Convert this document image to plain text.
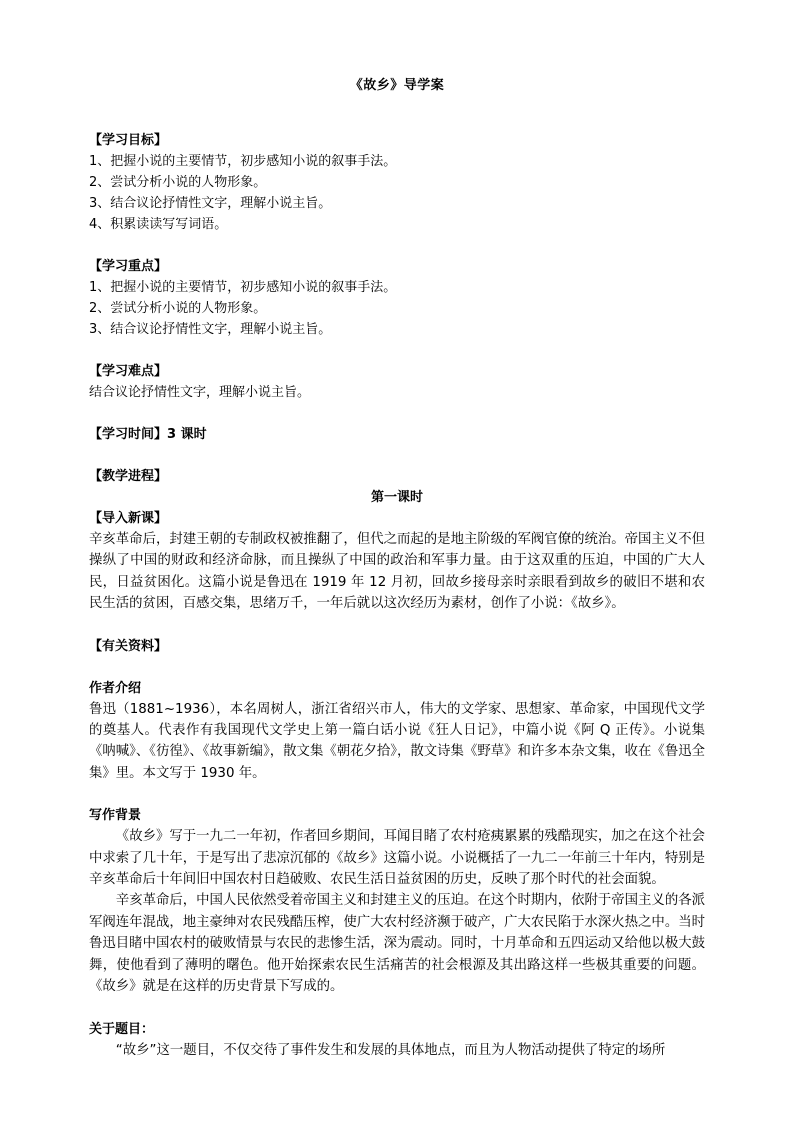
《故乡》导学案
【学习目标】
1、把握小说的主要情节，初步感知小说的叙事手法。
2、尝试分析小说的人物形象。
3、结合议论抒情性文字，理解小说主旨。
4、积累读读写写词语。
【学习重点】
1、把握小说的主要情节，初步感知小说的叙事手法。
2、尝试分析小说的人物形象。
3、结合议论抒情性文字，理解小说主旨。
【学习难点】
结合议论抒情性文字，理解小说主旨。
【学习时间】3 课时
【教学进程】
第一课时
【导入新课】

辛亥革命后，封建王朝的专制政权被推翻了，但代之而起的是地主阶级的军阀官僚的统治。帝国主义不但操纵了中国的财政和经济命脉，而且操纵了中国的政治和军事力量。由于这双重的压迫，中国的广大人民，日益贫困化。这篇小说是鲁迅在 1919 年 12 月初，回故乡接母亲时亲眼看到故乡的破旧不堪和农民生活的贫困，百感交集，思绪万千，一年后就以这次经历为素材，创作了小说：《故乡》。

【有关资料】
作者介绍

鲁迅（1881~1936），本名周树人，浙江省绍兴市人，伟大的文学家、思想家、革命家，中国现代文学的奠基人。代表作有我国现代文学史上第一篇白话小说《狂人日记》，中篇小说《阿 Q 正传》。小说集《呐喊》、《彷徨》、《故事新编》，散文集《朝花夕拾》，散文诗集《野草》和许多本杂文集，收在《鲁迅全集》里。本文写于 1930 年。

写作背景

《故乡》写于一九二一年初，作者回乡期间，耳闻目睹了农村疮痍累累的残酷现实，加之在这个社会中求索了几十年，于是写出了悲凉沉郁的《故乡》这篇小说。小说概括了一九二一年前三十年内，特别是辛亥革命后十年间旧中国农村日趋破败、农民生活日益贫困的历史，反映了那个时代的社会面貌。

辛亥革命后，中国人民依然受着帝国主义和封建主义的压迫。在这个时期内，依附于帝国主义的各派军阀连年混战，地主豪绅对农民残酷压榨，使广大农村经济濒于破产，广大农民陷于水深火热之中。当时鲁迅目睹中国农村的破败情景与农民的悲惨生活，深为震动。同时，十月革命和五四运动又给他以极大鼓舞，使他看到了薄明的曙色。他开始探索农民生活痛苦的社会根源及其出路这样一些极其重要的问题。《故乡》就是在这样的历史背景下写成的。

关于题目：

“故乡”这一题目，不仅交待了事件发生和发展的具体地点，而且为人物活动提供了特定的场所
